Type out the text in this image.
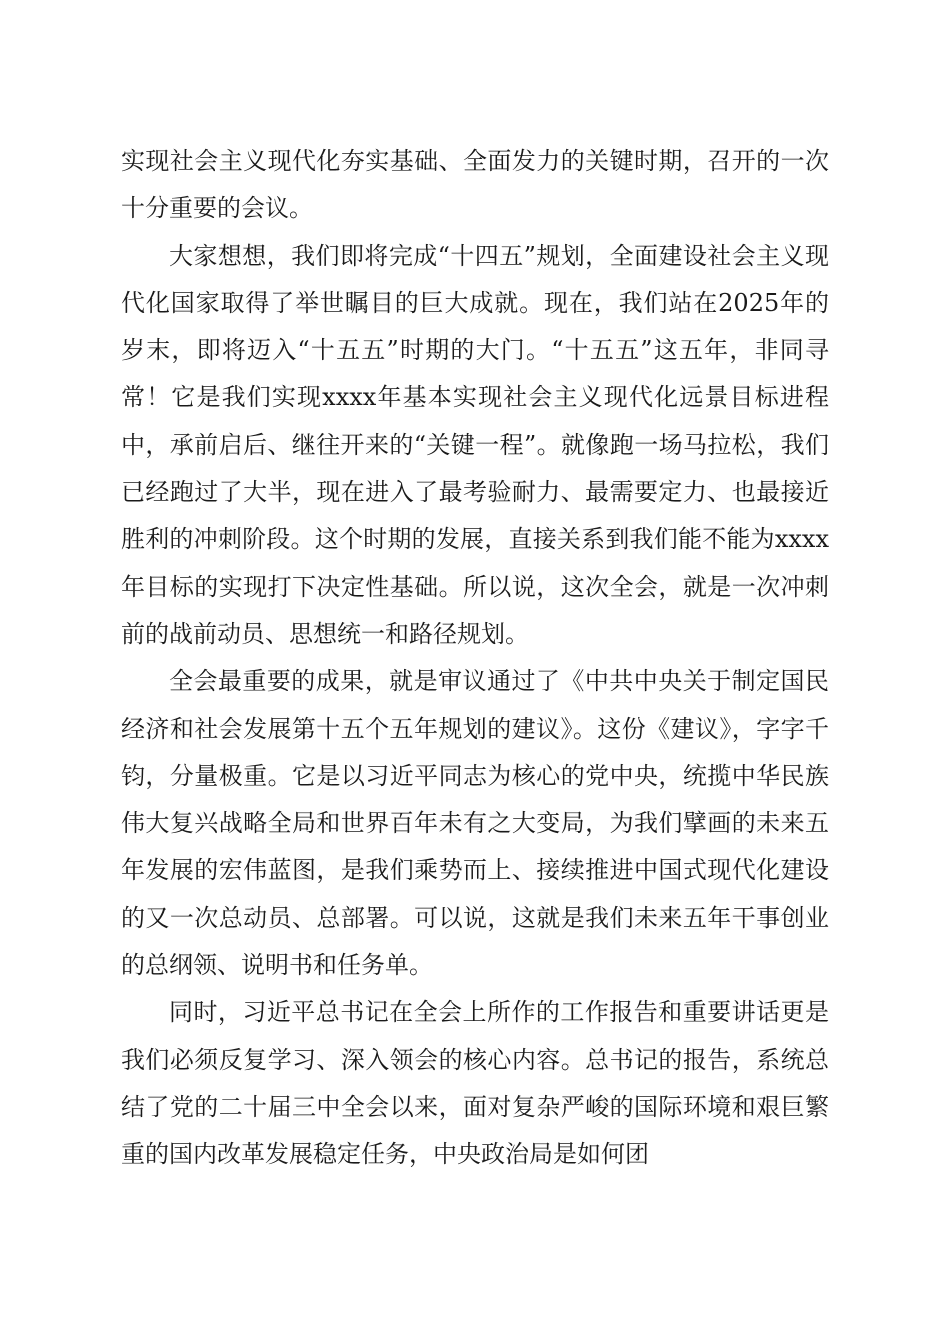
实现社会主义现代化夯实基础、全面发力的关键时期，召开的一次十分重要的会议。

大家想想，我们即将完成“十四五”规划，全面建设社会主义现代化国家取得了举世瞩目的巨大成就。现在，我们站在2025年的岁末，即将迈入“十五五”时期的大门。“十五五”这五年，非同寻常！它是我们实现xxxx年基本实现社会主义现代化远景目标进程中，承前启后、继往开来的“关键一程”。就像跑一场马拉松，我们已经跑过了大半，现在进入了最考验耐力、最需要定力、也最接近胜利的冲刺阶段。这个时期的发展，直接关系到我们能不能为xxxx年目标的实现打下决定性基础。所以说，这次全会，就是一次冲刺前的战前动员、思想统一和路径规划。

全会最重要的成果，就是审议通过了《中共中央关于制定国民经济和社会发展第十五个五年规划的建议》。这份《建议》，字字千钧，分量极重。它是以习近平同志为核心的党中央，统揽中华民族伟大复兴战略全局和世界百年未有之大变局，为我们擘画的未来五年发展的宏伟蓝图，是我们乘势而上、接续推进中国式现代化建设的又一次总动员、总部署。可以说，这就是我们未来五年干事创业的总纲领、说明书和任务单。

同时，习近平总书记在全会上所作的工作报告和重要讲话更是我们必须反复学习、深入领会的核心内容。总书记的报告，系统总结了党的二十届三中全会以来，面对复杂严峻的国际环境和艰巨繁重的国内改革发展稳定任务，中央政治局是如何团
